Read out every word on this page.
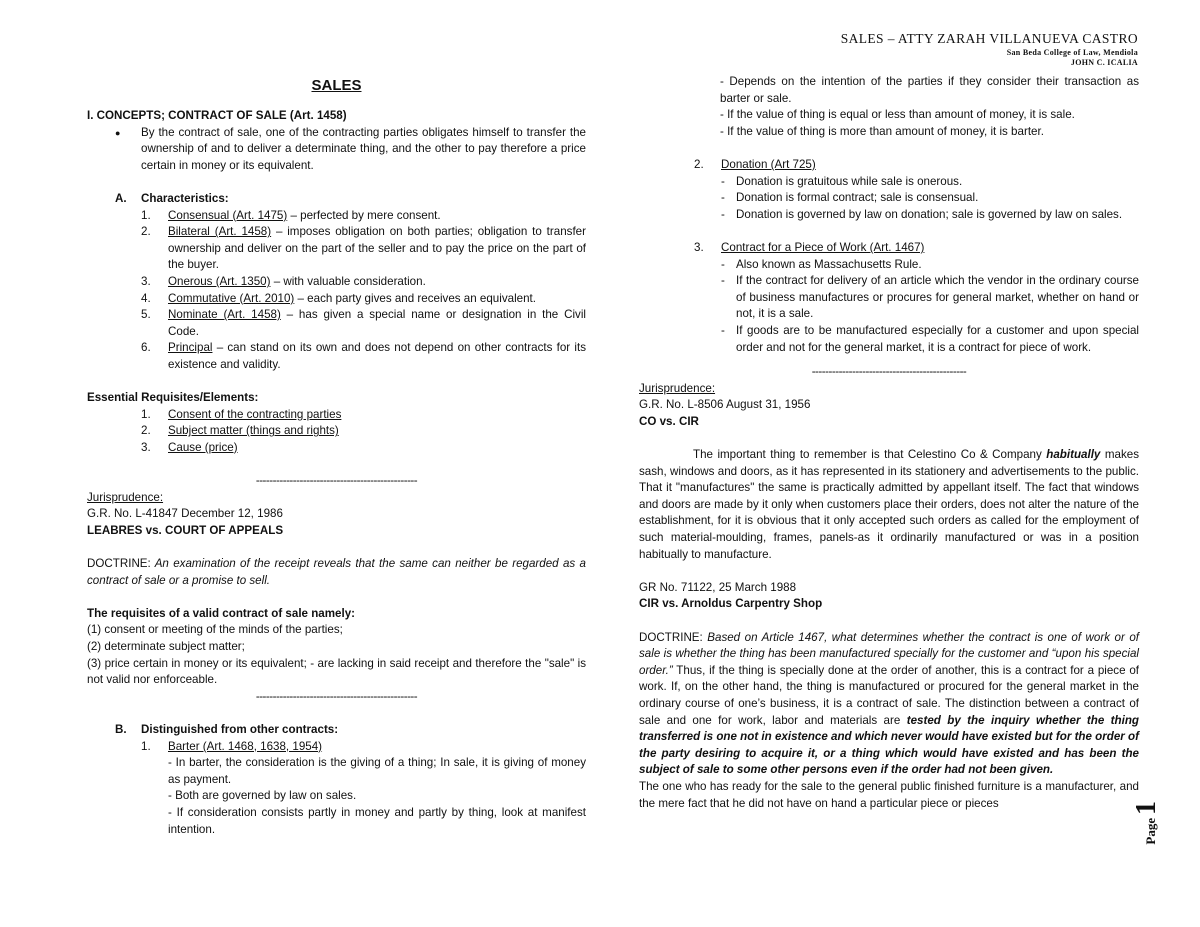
SALES – ATTY ZARAH VILLANUEVA CASTRO
San Beda College of Law, Mendiola
JOHN C. ICALIA
Page 1
SALES

I. CONCEPTS; CONTRACT OF SALE (Art. 1458)

●	By the contract of sale, one of the contracting parties obligates himself to transfer the ownership of and to deliver a determinate thing, and the other to pay therefore a price certain in money or its equivalent.
A.	Characteristics:
1.	Consensual (Art. 1475) – perfected by mere consent.
2.	Bilateral (Art. 1458) – imposes obligation on both parties; obligation to transfer ownership and deliver on the part of the seller and to pay the price on the part of the buyer.
3.	Onerous (Art. 1350) – with valuable consideration.
4.	Commutative (Art. 2010) – each party gives and receives an equivalent.
5.	Nominate (Art. 1458) – has given a special name or designation in the Civil Code.
6.	Principal – can stand on its own and does not depend on other contracts for its existence and validity.

Essential Requisites/Elements:

1.	Consent of the contracting parties
2.	Subject matter (things and rights)
3.	Cause (price)

------------------------------------------------

Jurisprudence:

G.R. No. L-41847 December 12, 1986

LEABRES vs. COURT OF APPEALS

DOCTRINE: An examination of the receipt reveals that the same can neither be regarded as a contract of sale or a promise to sell.

The requisites of a valid contract of sale namely:

(1) consent or meeting of the minds of the parties;

(2) determinate subject matter;

(3) price certain in money or its equivalent; - are lacking in said receipt and therefore the "sale" is not valid nor enforceable.

------------------------------------------------

B.	Distinguished from other contracts:
1.	Barter (Art. 1468, 1638, 1954)

- In barter, the consideration is the giving of a thing; In sale, it is giving of money as payment.

- Both are governed by law on sales.

- If consideration consists partly in money and partly by thing, look at manifest intention.

- Depends on the intention of the parties if they consider their transaction as barter or sale.

- If the value of thing is equal or less than amount of money, it is sale.

- If the value of thing is more than amount of money, it is barter.

2.	Donation (Art 725)
- Donation is gratuitous while sale is onerous.
- Donation is formal contract; sale is consensual.
- Donation is governed by law on donation; sale is governed by law on sales.
3.	Contract for a Piece of Work (Art. 1467)
- Also known as Massachusetts Rule.
- If the contract for delivery of an article which the vendor in the ordinary course of business manufactures or procures for general market, whether on hand or not, it is a sale.
- If goods are to be manufactured especially for a customer and upon special order and not for the general market, it is a contract for piece of work.

----------------------------------------------

Jurisprudence:

G.R. No. L-8506 August 31, 1956

CO vs. CIR

The important thing to remember is that Celestino Co & Company habitually makes sash, windows and doors, as it has represented in its stationery and advertisements to the public. That it "manufactures" the same is practically admitted by appellant itself. The fact that windows and doors are made by it only when customers place their orders, does not alter the nature of the establishment, for it is obvious that it only accepted such orders as called for the employment of such material-moulding, frames, panels-as it ordinarily manufactured or was in a position habitually to manufacture.

GR No. 71122, 25 March 1988

CIR vs. Arnoldus Carpentry Shop

DOCTRINE: Based on Article 1467, what determines whether the contract is one of work or of sale is whether the thing has been manufactured specially for the customer and “upon his special order.” Thus, if the thing is specially done at the order of another, this is a contract for a piece of work. If, on the other hand, the thing is manufactured or procured for the general market in the ordinary course of one’s business, it is a contract of sale. The distinction between a contract of sale and one for work, labor and materials are tested by the inquiry whether the thing transferred is one not in existence and which never would have existed but for the order of the party desiring to acquire it, or a thing which would have existed and has been the subject of sale to some other persons even if the order had not been given.

The one who has ready for the sale to the general public finished furniture is a manufacturer, and the mere fact that he did not have on hand a particular piece or pieces
